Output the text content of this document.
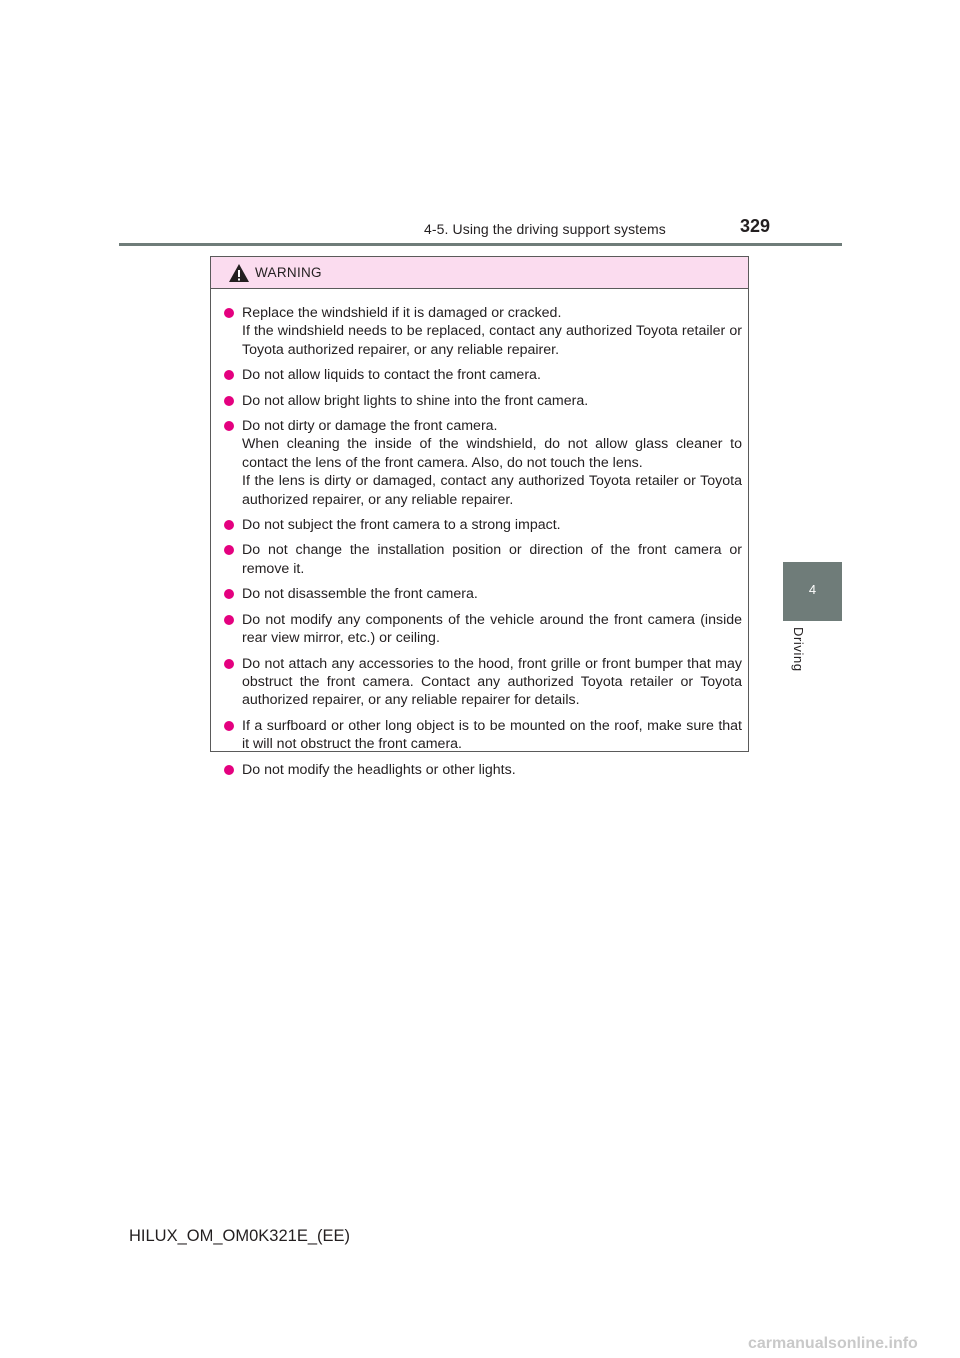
4-5. Using the driving support systems	329
4
Driving
WARNING
Replace the windshield if it is damaged or cracked.
If the windshield needs to be replaced, contact any authorized Toyota retailer or Toyota authorized repairer, or any reliable repairer.
Do not allow liquids to contact the front camera.
Do not allow bright lights to shine into the front camera.
Do not dirty or damage the front camera.
When cleaning the inside of the windshield, do not allow glass cleaner to contact the lens of the front camera. Also, do not touch the lens.
If the lens is dirty or damaged, contact any authorized Toyota retailer or Toyota authorized repairer, or any reliable repairer.
Do not subject the front camera to a strong impact.
Do not change the installation position or direction of the front camera or remove it.
Do not disassemble the front camera.
Do not modify any components of the vehicle around the front camera (inside rear view mirror, etc.) or ceiling.
Do not attach any accessories to the hood, front grille or front bumper that may obstruct the front camera. Contact any authorized Toyota retailer or Toyota authorized repairer, or any reliable repairer for details.
If a surfboard or other long object is to be mounted on the roof, make sure that it will not obstruct the front camera.
Do not modify the headlights or other lights.
HILUX_OM_OM0K321E_(EE)
carmanualsonline.info
